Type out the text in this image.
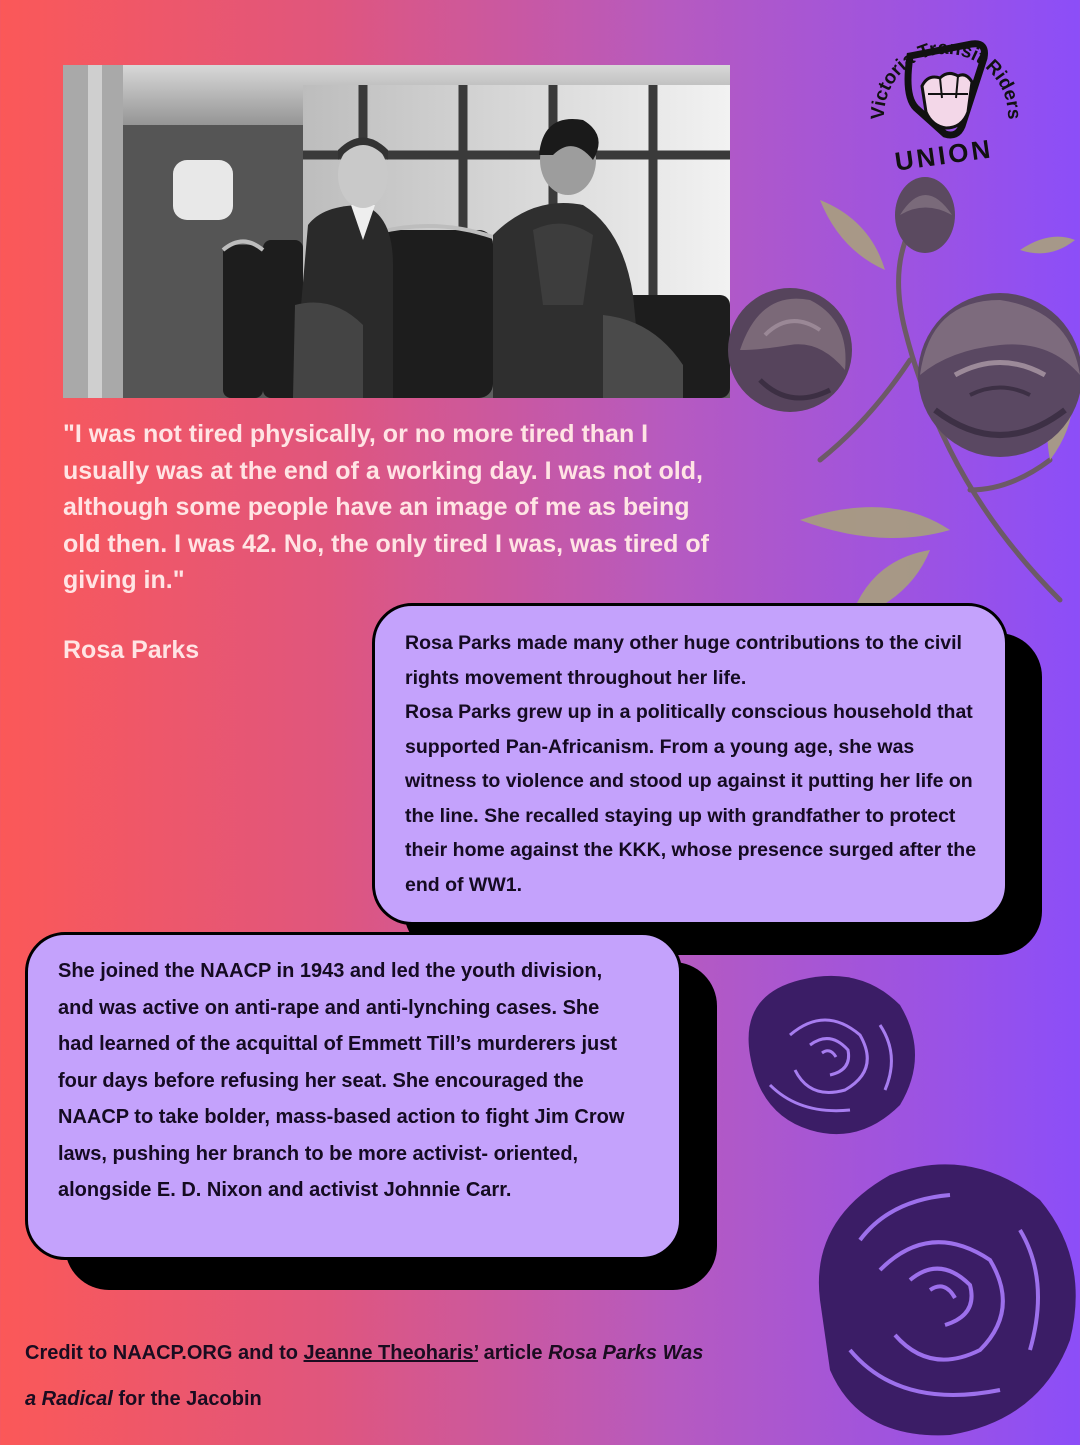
"I was not tired physically, or no more tired than I usually was at the end of a working day. I was not old, although some people have an image of me as being old then. I was 42. No, the only tired I was, was tired of giving in."

Rosa Parks

Victoria Transit Riders
UNION

Rosa Parks made many other huge contributions to the civil rights movement throughout her life.

Rosa Parks grew up in a politically conscious household that supported Pan-Africanism. From a young age, she was witness to violence and stood up against it putting her life on the line. She recalled staying up with grandfather to protect their home against the KKK, whose presence surged after the end of WW1.

She joined the NAACP in 1943 and led the youth division, and was active on anti-rape and anti-lynching cases. She had learned of the acquittal of Emmett Till’s murderers just four days before refusing her seat. She encouraged the NAACP to take bolder, mass-based action to fight Jim Crow laws, pushing her branch to be more activist- oriented, alongside E. D. Nixon and activist Johnnie Carr.

Credit to NAACP.ORG and to Jeanne Theoharis’ article Rosa Parks Was a Radical for the Jacobin
